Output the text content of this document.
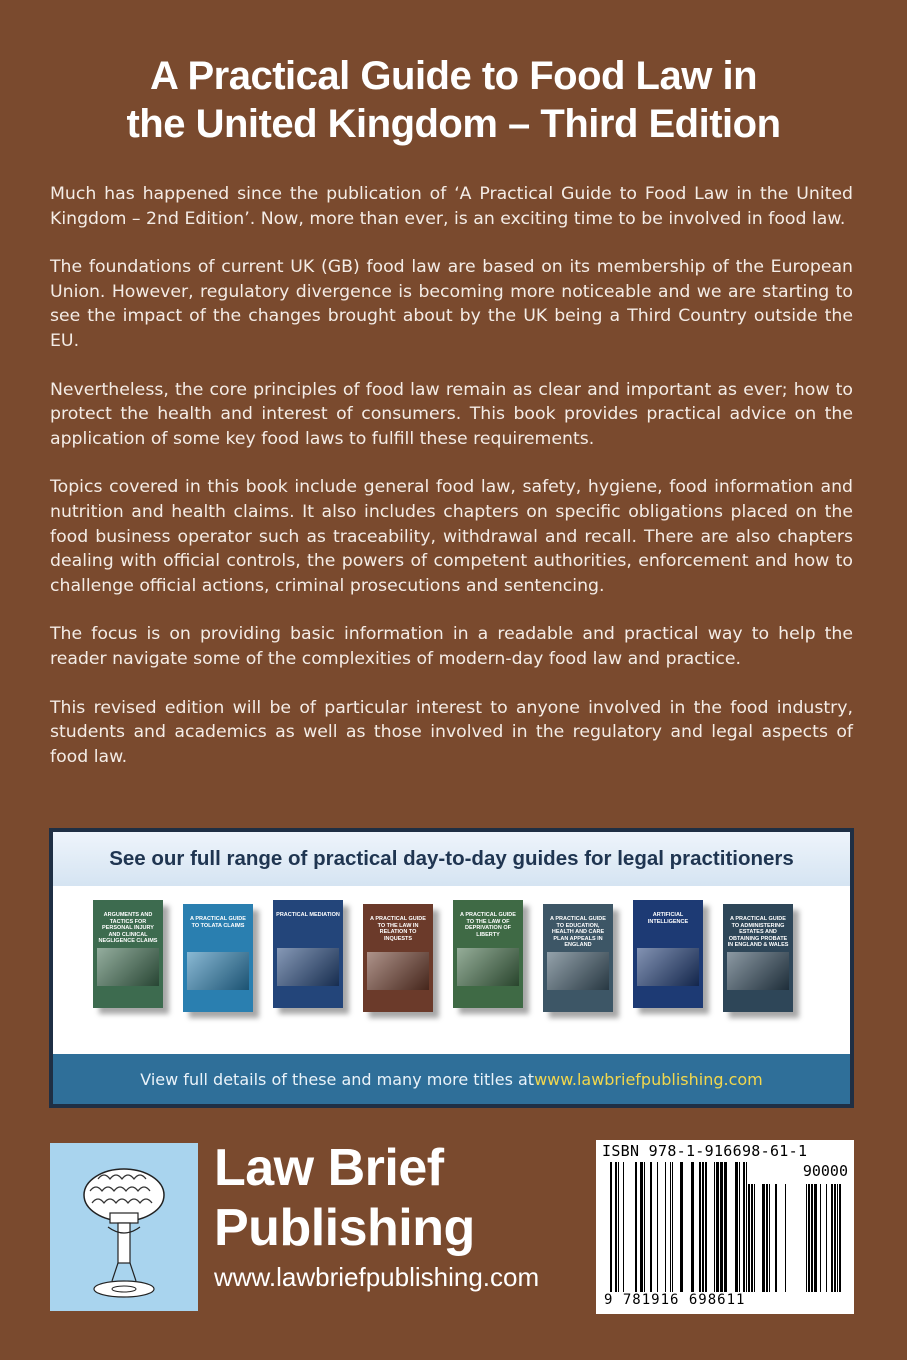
A Practical Guide to Food Law in
the United Kingdom – Third Edition

Much has happened since the publication of ‘A Practical Guide to Food Law in the United Kingdom – 2nd Edition’. Now, more than ever, is an exciting time to be involved in food law.

The foundations of current UK (GB) food law are based on its membership of the European Union. However, regulatory divergence is becoming more noticeable and we are starting to see the impact of the changes brought about by the UK being a Third Country outside the EU.

Nevertheless, the core principles of food law remain as clear and important as ever; how to protect the health and interest of consumers. This book provides practical advice on the application of some key food laws to fulfill these requirements.

Topics covered in this book include general food law, safety, hygiene, food information and nutrition and health claims. It also includes chapters on specific obligations placed on the food business operator such as traceability, withdrawal and recall. There are also chapters dealing with official controls, the powers of competent authorities, enforcement and how to challenge official actions, criminal prosecutions and sentencing.

The focus is on providing basic information in a readable and practical way to help the reader navigate some of the complexities of modern-day food law and practice.

This revised edition will be of particular interest to anyone involved in the food industry, students and academics as well as those involved in the regulatory and legal aspects of food law.

See our full range of practical day-to-day guides for legal practitioners
ARGUMENTS AND TACTICS FOR PERSONAL INJURY AND CLINICAL NEGLIGENCE CLAIMS
A PRACTICAL GUIDE TO TOLATA CLAIMS
PRACTICAL MEDIATION
A PRACTICAL GUIDE TO THE LAW IN RELATION TO INQUESTS
A PRACTICAL GUIDE TO THE LAW OF DEPRIVATION OF LIBERTY
A PRACTICAL GUIDE TO EDUCATION, HEALTH AND CARE PLAN APPEALS IN ENGLAND
ARTIFICIAL INTELLIGENCE	A PRACTICAL GUIDE TO ADMINISTERING ESTATES AND OBTAINING PROBATE IN ENGLAND & WALES
View full details of these and many more titles at www.lawbriefpublishing.com
Law Brief
Publishing
www.lawbriefpublishing.com
ISBN 978-1-916698-61-1
90000
9 781916 698611
